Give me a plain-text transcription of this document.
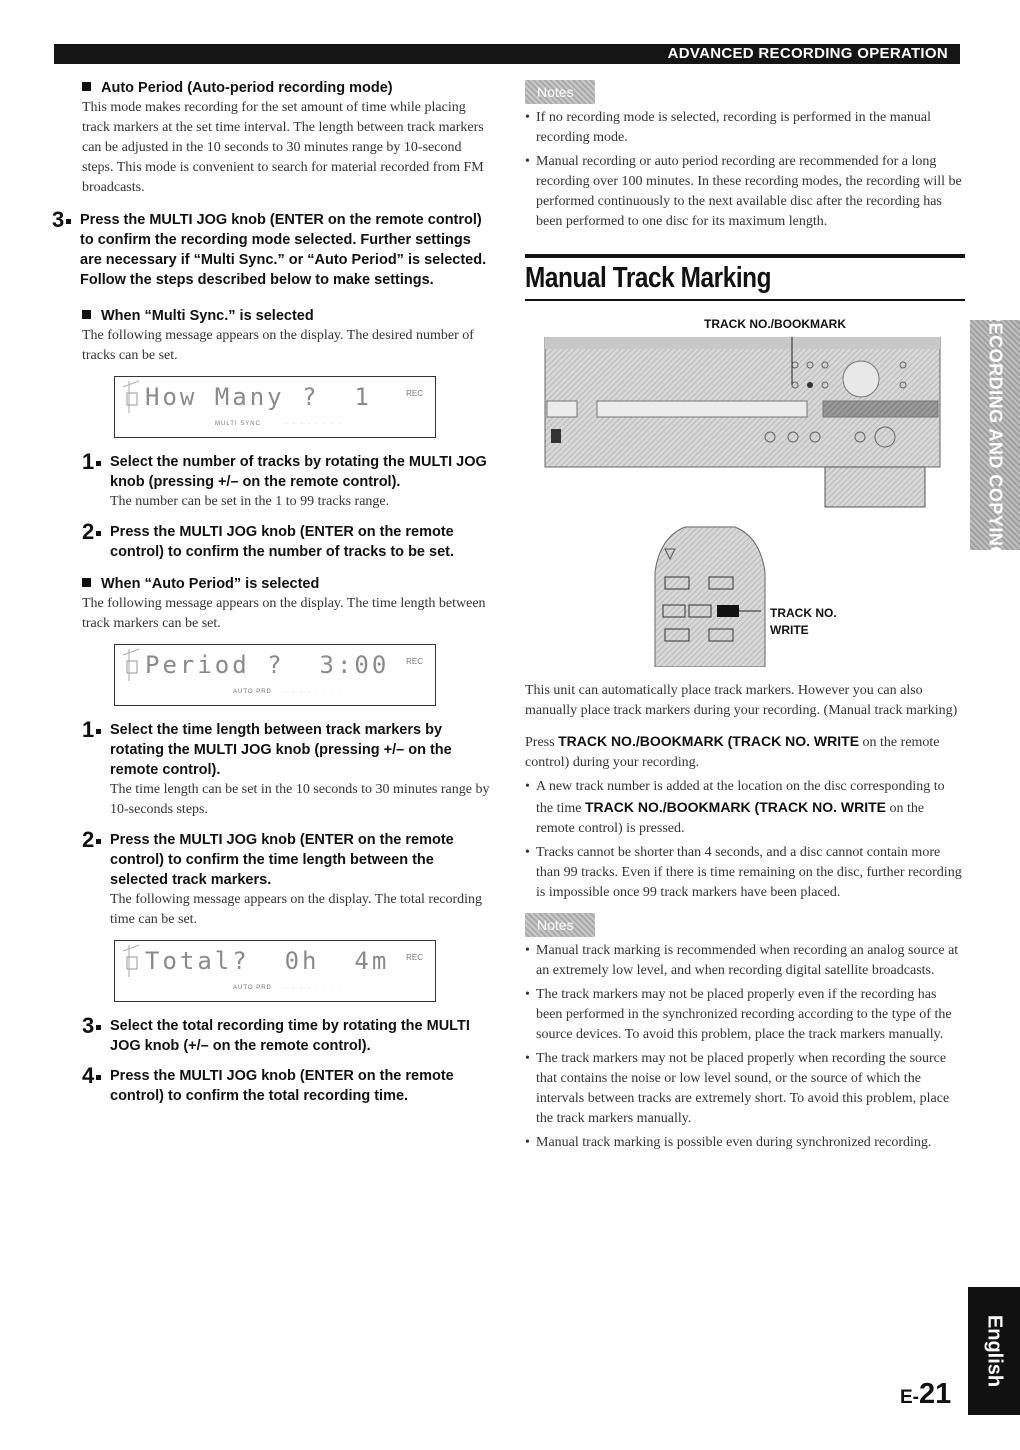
ADVANCED RECORDING OPERATION
Auto Period (Auto-period recording mode)

This mode makes recording for the set amount of time while placing track markers at the set time interval. The length between track markers can be adjusted in the 10 seconds to 30 minutes range by 10-second steps. This mode is convenient to search for material recorded from FM broadcasts.

3	Press the MULTI JOG knob (ENTER on the remote control) to confirm the recording mode selected. Further settings are necessary if “Multi Sync.” or “Auto Period” is selected. Follow the steps described below to make settings.
When “Multi Sync.” is selected

The following message appears on the display. The desired number of tracks can be set.

How Many ?  1	REC
MULTI SYNC	· · · · · · · ·
1	Select the number of tracks by rotating the MULTI JOG knob (pressing +/– on the remote control).
The number can be set in the 1 to 99 tracks range.
2	Press the MULTI JOG knob (ENTER on the remote control) to confirm the number of tracks to be set.
When “Auto Period” is selected

The following message appears on the display. The time length between track markers can be set.

Period ?  3:00 REC
AUTO PRD · · · · · · · ·
1	Select the time length between track markers by rotating the MULTI JOG knob (pressing +/– on the remote control).
The time length can be set in the 10 seconds to 30 minutes range by 10-seconds steps.
2	Press the MULTI JOG knob (ENTER on the remote control) to confirm the time length between the selected track markers.
The following message appears on the display. The total recording time can be set.
Total?  0h  4m REC
AUTO PRD · · · · · · · ·
3	Select the total recording time by rotating the MULTI JOG knob (+/– on the remote control).
4	Press the MULTI JOG knob (ENTER on the remote control) to confirm the total recording time.
Notes
• If no recording mode is selected, recording is performed in the manual recording mode.
• Manual recording or auto period recording are recommended for a long recording over 100 minutes. In these recording modes, the recording will be performed continuously to the next available disc after the recording has been performed to one disc for its maximum length.
Manual Track Marking
TRACK NO./BOOKMARK
TRACK NO.
WRITE

This unit can automatically place track markers. However you can also manually place track markers during your recording. (Manual track marking)

Press TRACK NO./BOOKMARK (TRACK NO. WRITE on the remote control) during your recording.

• A new track number is added at the location on the disc corresponding to the time TRACK NO./BOOKMARK (TRACK NO. WRITE on the remote control) is pressed.
• Tracks cannot be shorter than 4 seconds, and a disc cannot contain more than 99 tracks. Even if there is time remaining on the disc, further recording is impossible once 99 track markers have been placed.
Notes
• Manual track marking is recommended when recording an analog source at an extremely low level, and when recording digital satellite broadcasts.
• The track markers may not be placed properly even if the recording has been performed in the synchronized recording according to the type of the source devices. To avoid this problem, place the track markers manually.
• The track markers may not be placed properly when recording the source that contains the noise or low level sound, or the source of which the intervals between tracks are extremely short. To avoid this problem, place the track markers manually.
• Manual track marking is possible even during synchronized recording.
RECORDING AND COPYING
English
E-21
